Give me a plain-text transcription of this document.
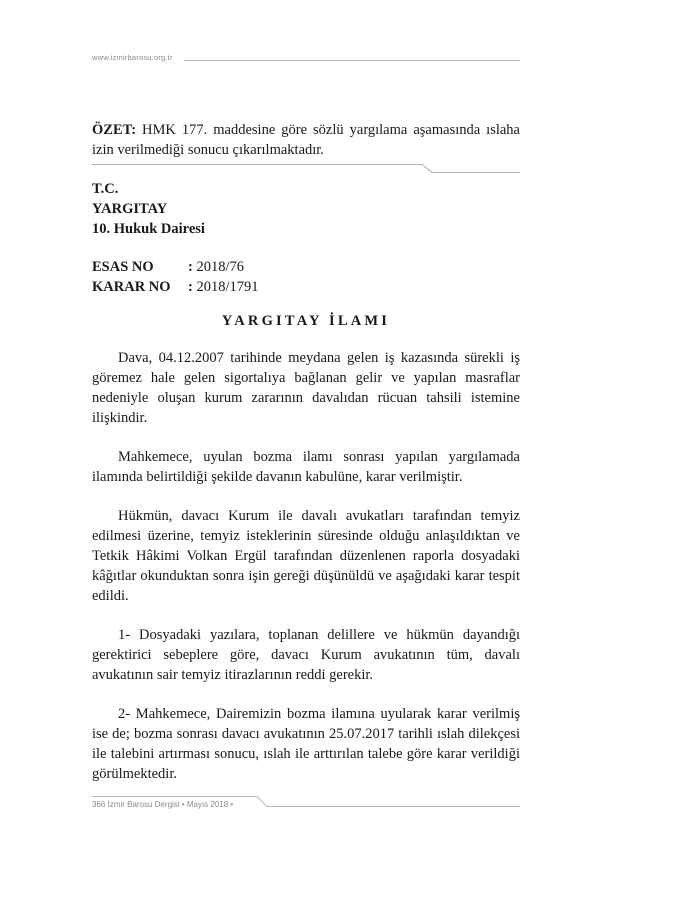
www.izmirbarosu.org.tr
ÖZET: HMK 177. maddesine göre sözlü yargılama aşamasında ıslaha izin verilmediği sonucu çıkarılmaktadır.
T.C.
YARGITAY
10. Hukuk Dairesi
ESAS NO	: 2018/76
KARAR NO	: 2018/1791
YARGITAY İLAMI

Dava, 04.12.2007 tarihinde meydana gelen iş kazasında sürekli iş göremez hale gelen sigortalıya bağlanan gelir ve yapılan masraflar nedeniyle oluşan kurum zararının davalıdan rücuan tahsili istemine ilişkindir.

Mahkemece, uyulan bozma ilamı sonrası yapılan yargılamada ilamında belirtildiği şekilde davanın kabulüne, karar verilmiştir.

Hükmün, davacı Kurum ile davalı avukatları tarafından temyiz edilmesi üzerine, temyiz isteklerinin süresinde olduğu anlaşıldıktan ve Tetkik Hâkimi Volkan Ergül tarafından düzenlenen raporla dosyadaki kâğıtlar okunduktan sonra işin gereği düşünüldü ve aşağıdaki karar tespit edildi.

1- Dosyadaki yazılara, toplanan delillere ve hükmün dayandığı gerektirici sebeplere göre, davacı Kurum avukatının tüm, davalı avukatının sair temyiz itirazlarının reddi gerekir.

2- Mahkemece, Dairemizin bozma ilamına uyularak karar verilmiş ise de; bozma sonrası davacı avukatının 25.07.2017 tarihli ıslah dilekçesi ile talebini artırması sonucu, ıslah ile arttırılan talebe göre karar verildiği görülmektedir.

366 İzmir Barosu Dergisi • Mayıs 2018 •
